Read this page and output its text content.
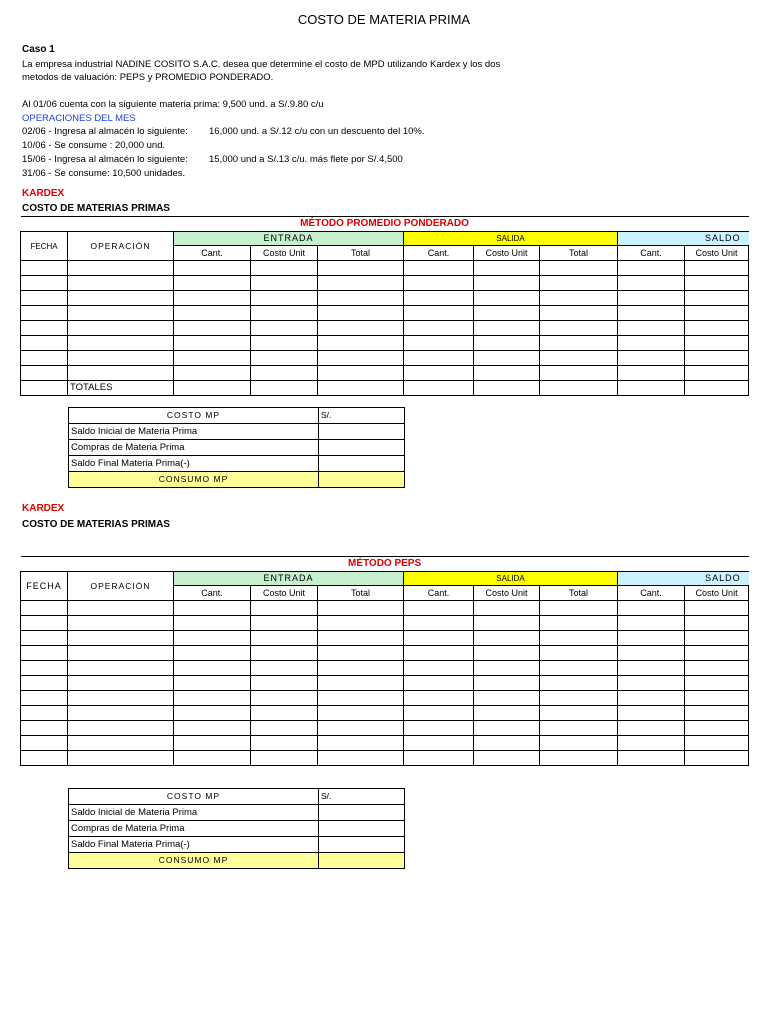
COSTO DE MATERIA PRIMA
Caso 1
La empresa industrial NADINE COSITO S.A.C. desea que determine el costo de MPD utilizando Kardex y los dos
metodos de valuación: PEPS y PROMEDIO PONDERADO.
Al 01/06 cuenta con la siguiente materia prima: 9,500 und. a S/.9.80 c/u
OPERACIONES DEL MES
02/06 - Ingresa al almacén lo siguiente: 16,000 und. a S/.12 c/u con un descuento del 10%.
10/06 - Se consume : 20,000 und.
15/06 - Ingresa al almacén lo siguiente: 15,000 und a S/.13 c/u. más flete por S/.4,500
31/06 - Se consume: 10,500 unidades.
KARDEX
COSTO DE MATERIAS PRIMAS
MÉTODO PROMEDIO PONDERADO									
FECHA	OPERACIÓN	ENTRADA			SALIDA			SALDO	
		Cant.	Costo Unit	Total	Cant.	Costo Unit	Total	Cant.	Costo Unit

	TOTALES								
COSTO MP	S/.
Saldo Inicial de Materia Prima	
Compras de Materia Prima	
Saldo Final Materia Prima(-)	
CONSUMO MP	
KARDEX
COSTO DE MATERIAS PRIMAS
MÉTODO PEPS									
FECHA	OPERACIÓN	ENTRADA			SALIDA			SALDO	
		Cant.	Costo Unit	Total	Cant.	Costo Unit	Total	Cant.	Costo Unit

COSTO MP	S/.
Saldo Inicial de Materia Prima	
Compras de Materia Prima	
Saldo Final Materia Prima(-)	
CONSUMO MP	
